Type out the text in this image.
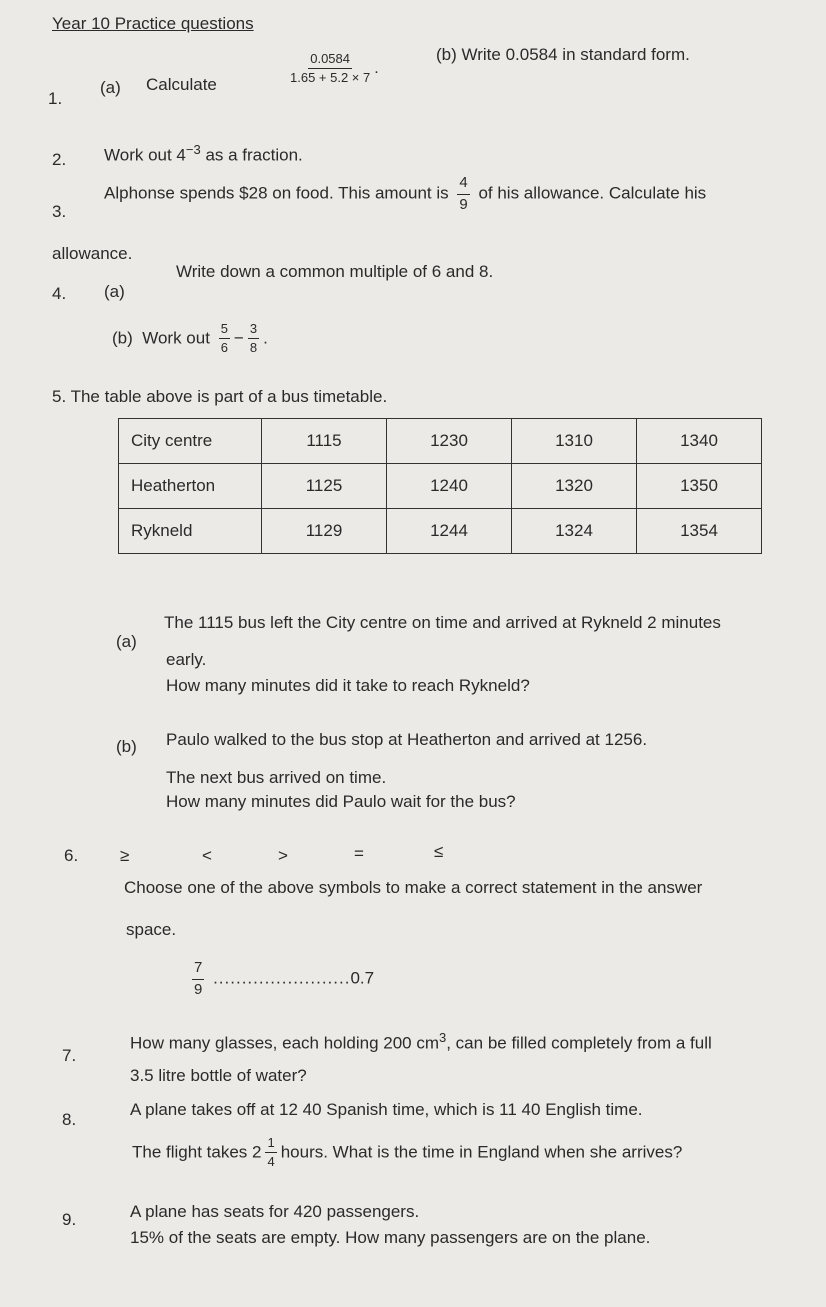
Year 10 Practice questions
1.
(a) Calculate	$\frac{0.0584}{1.65 + 5.2 \times 7}$ .
(b) Write 0.0584 in standard form.
2. Work out $4^{-3}$ as a fraction.
3.
Alphonse spends $28 on food. This amount is $\frac{4}{9}$ of his allowance. Calculate his
allowance.
4. (a)
Write down a common multiple of 6 and 8.
(b) Work out $\frac{5}{6} - \frac{3}{8}$ .
5. The table above is part of a bus timetable.
City centre	1115	1230	1310	1340
Heatherton	1125	1240	1320	1350
Rykneld	1129	1244	1324	1354
(a)
The 1115 bus left the City centre on time and arrived at Rykneld 2 minutes
early.
How many minutes did it take to reach Rykneld?
(b) Paulo walked to the bus stop at Heatherton and arrived at 1256.
The next bus arrived on time.
How many minutes did Paulo wait for the bus?
6. ≥	<	>	=	≤
Choose one of the above symbols to make a correct statement in the answer
space.
$\frac{7}{9} ........................0.7$
7.
How many glasses, each holding 200 $cm^3$, can be filled completely from a full
3.5 litre bottle of water?
8.
A plane takes off at 12 40 Spanish time, which is 11 40 English time.
The flight takes $2 \frac{1}{4}$ hours. What is the time in England when she arrives?
9.	A plane has seats for 420 passengers.
15% of the seats are empty. How many passengers are on the plane.
